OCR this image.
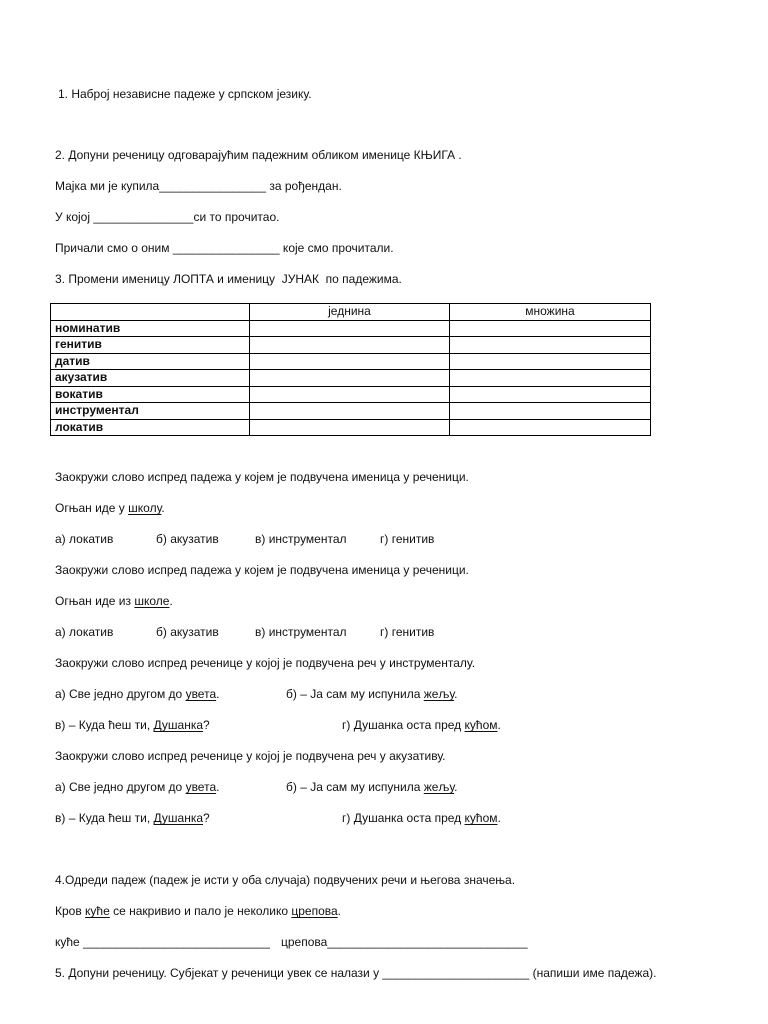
1. Наброј независне падеже у српском језику.
2. Допуни реченицу одговарајућим падежним обликом именице КЊИГА .
Мајка ми је купила________________ за рођендан.
У којој _______________си то прочитао.
Причали смо о оним ________________ које смо прочитали.
3. Промени именицу ЛОПТА и именицу  ЈУНАК  по падежима.
	једнина	множина
номинатив		
генитив		
датив		
акузатив		
вокатив		
инструментал		
локатив		
Заокружи слово испред падежа у којем је подвучена именица у реченици.
Огњан иде у школу.
а) локатив	б) акузатив	в) инструментал	г) генитив
Заокружи слово испред падежа у којем је подвучена именица у реченици.
Огњан иде из школе.
а) локатив	б) акузатив	в) инструментал	г) генитив
Заокружи слово испред реченице у којој је подвучена реч у инструменталу.
а) Све једно другом до увета.	б) – Ја сам му испунила жељу.
в) – Куда ћеш ти, Душанка?	г) Душанка оста пред кућом.
Заокружи слово испред реченице у којој је подвучена реч у акузативу.
а) Све једно другом до увета.	б) – Ја сам му испунила жељу.
в) – Куда ћеш ти, Душанка?	г) Душанка оста пред кућом.
4.Одреди падеж (падеж је исти у оба случаја) подвучених речи и његова значења.
Кров куће се накривио и пало је неколико црепова.
куће ____________________________ црепова______________________________
5. Допуни реченицу. Субјекат у реченици увек се налази у ______________________ (напиши име падежа).
